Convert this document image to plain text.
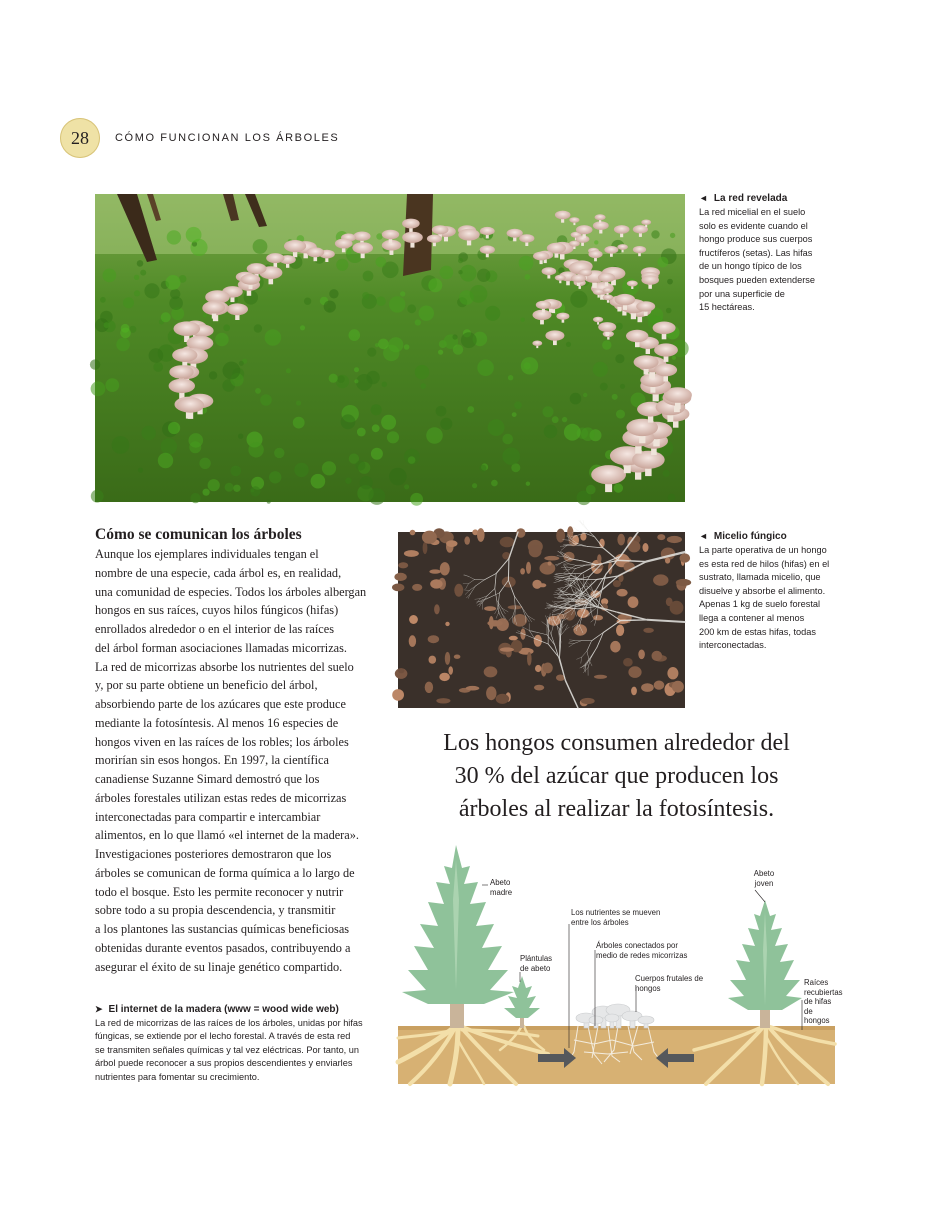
28	CÓMO FUNCIONAN LOS ÁRBOLES
◄ La red revelada
La red micelial en el suelo
solo es evidente cuando el
hongo produce sus cuerpos
fructíferos (setas). Las hifas
de un hongo típico de los
bosques pueden extenderse
por una superficie de
15 hectáreas.
Cómo se comunican los árboles
Aunque los ejemplares individuales tengan el
nombre de una especie, cada árbol es, en realidad,
una comunidad de especies. Todos los árboles albergan
hongos en sus raíces, cuyos hilos fúngicos (hifas)
enrollados alrededor o en el interior de las raíces
del árbol forman asociaciones llamadas micorrizas.
La red de micorrizas absorbe los nutrientes del suelo
y, por su parte obtiene un beneficio del árbol,
absorbiendo parte de los azúcares que este produce
mediante la fotosíntesis. Al menos 16 especies de
hongos viven en las raíces de los robles; los árboles
morirían sin esos hongos. En 1997, la científica
canadiense Suzanne Simard demostró que los
árboles forestales utilizan estas redes de micorrizas
interconectadas para compartir e intercambiar
alimentos, en lo que llamó «el internet de la madera».
Investigaciones posteriores demostraron que los
árboles se comunican de forma química a lo largo de
todo el bosque. Esto les permite reconocer y nutrir
sobre todo a su propia descendencia, y transmitir
a los plantones las sustancias químicas beneficiosas
obtenidas durante eventos pasados, contribuyendo a
asegurar el éxito de su linaje genético compartido.
➤ El internet de la madera (www = wood wide web)
La red de micorrizas de las raíces de los árboles, unidas por hifas
fúngicas, se extiende por el lecho forestal. A través de esta red
se transmiten señales químicas y tal vez eléctricas. Por tanto, un
árbol puede reconocer a sus propios descendientes y enviarles
nutrientes para fomentar su crecimiento.
◄ Micelio fúngico
La parte operativa de un hongo
es esta red de hilos (hifas) en el
sustrato, llamada micelio, que
disuelve y absorbe el alimento.
Apenas 1 kg de suelo forestal
llega a contener al menos
200 km de estas hifas, todas
interconectadas.
Los hongos consumen alrededor del
30 % del azúcar que producen los
árboles al realizar la fotosíntesis.
Abeto
madre
Abeto
joven
Los nutrientes se mueven
entre los árboles
Árboles conectados por
medio de redes micorrizas
Plántulas
de abeto
Cuerpos frutales de
hongos
Raíces
recubiertas
de hifas de
hongos
